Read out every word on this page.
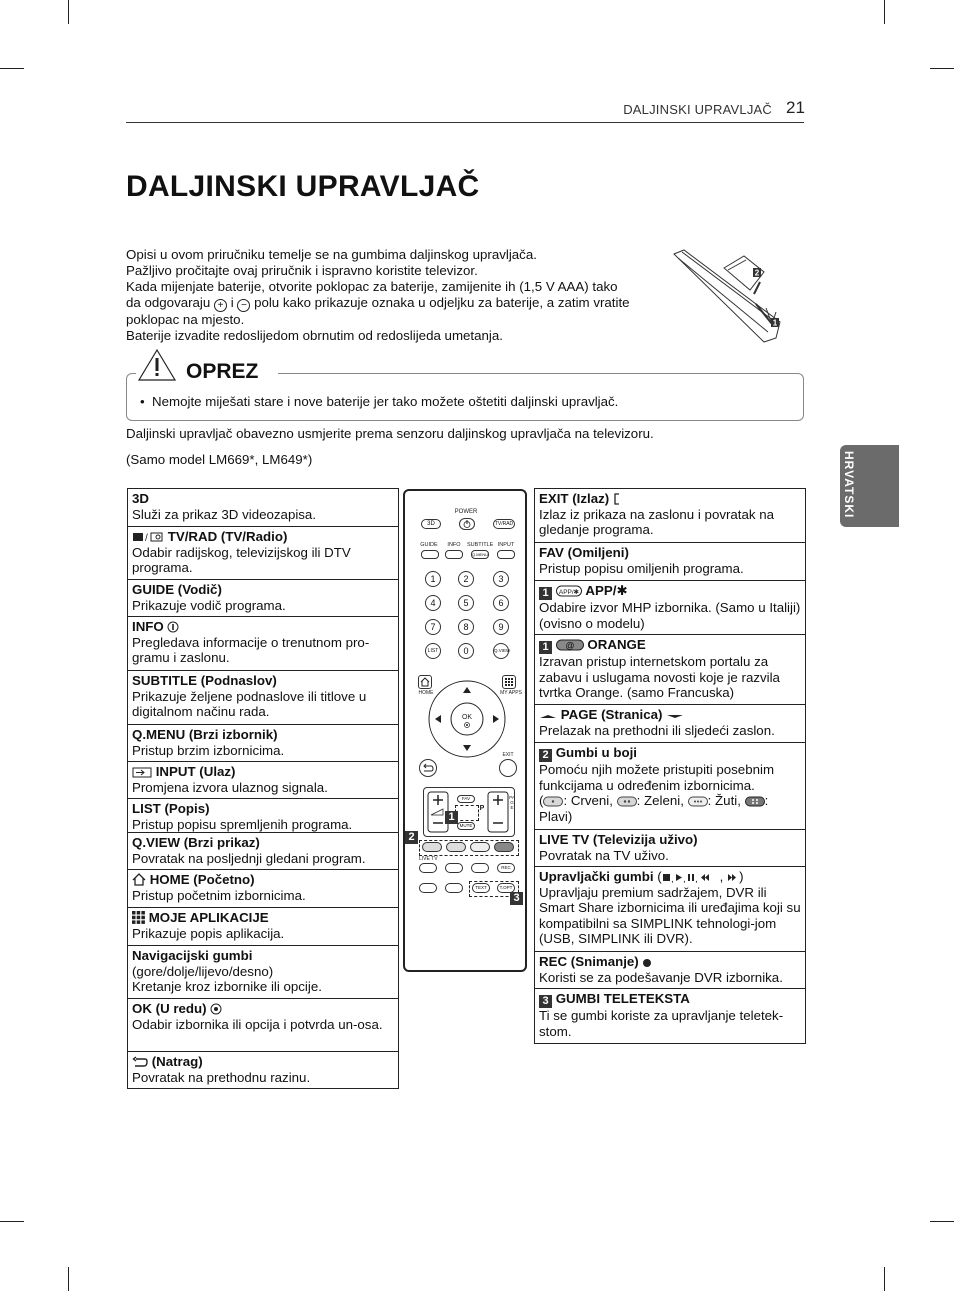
DALJINSKI UPRAVLJAČ 21
DALJINSKI UPRAVLJAČ
Opisi u ovom priručniku temelje se na gumbima daljinskog upravljača.
Pažljivo pročitajte ovaj priručnik i ispravno koristite televizor.
Kada mijenjate baterije, otvorite poklopac za baterije, zamijenite ih (1,5 V AAA) tako
da odgovaraju + i − polu kako prikazuje oznaka u odjeljku za baterije, a zatim vratite
poklopac na mjesto.
Baterije izvadite redoslijedom obrnutim od redoslijeda umetanja.
2
1
OPREZ
•  Nemojte miješati stare i nove baterije jer tako možete oštetiti daljinski upravljač.
Daljinski upravljač obavezno usmjerite prema senzoru daljinskog upravljača na televizoru.
(Samo model LM669*, LM649*)	HRVATSKI
3D
Služi za prikaz 3D videozapisa.
/ TV/RAD (TV/Radio)
Odabir radijskog, televizijskog ili DTV programa.
GUIDE (Vodič)
Prikazuje vodič programa.
INFO
Pregledava informacije o trenutnom pro-gramu i zaslonu.
SUBTITLE (Podnaslov)
Prikazuje željene podnaslove ili titlove u digitalnom načinu rada.
Q.MENU (Brzi izbornik)
Pristup brzim izbornicima.
INPUT (Ulaz)
Promjena izvora ulaznog signala.
LIST (Popis)
Pristup popisu spremljenih programa.
Q.VIEW (Brzi prikaz)
Povratak na posljednji gledani program.
HOME (Početno)
Pristup početnim izbornicima.
MOJE APLIKACIJE
Prikazuje popis aplikacija.
Navigacijski gumbi (gore/dolje/lijevo/desno)
Kretanje kroz izbornike ili opcije.
OK (U redu)
Odabir izbornika ili opcija i potvrda un-osa.
(Natrag)
Povratak na prethodnu razinu.
EXIT (Izlaz)
Izlaz iz prikaza na zaslonu i povratak na gledanje programa.
FAV (Omiljeni)
Pristup popisu omiljenih programa.
1 APP/✱ APP/✱
Odabire izvor MHP izbornika. (Samo u Italiji) (ovisno o modelu)
1 @ ORANGE
Izravan pristup internetskom portalu za zabavu i uslugama novosti koje je razvila tvrtka Orange. (samo Francuska)
PAGE (Stranica)
Prelazak na prethodni ili sljedeći zaslon.
2 Gumbi u boji
Pomoću njih možete pristupiti posebnim funkcijama u određenim izbornicima.
( : Crveni, : Zeleni, : Žuti, : Plavi)
LIVE TV (Televizija uživo)
Povratak na TV uživo.
Upravljački gumbi ( , , , , )
Upravljaju premium sadržajem, DVR ili Smart Share izbornicima ili uređajima koji su kompatibilni sa SIMPLINK tehnologi-jom (USB, SIMPLINK ili DVR).
REC (Snimanje)
Koristi se za podešavanje DVR izbornika.
3 GUMBI TELETEKSTA
Ti se gumbi koriste za upravljanje teletek-stom.
POWER
3D	TV/RAD
GUIDE	INFO	SUBTITLE INPUT
Q.MENU
1	2	3
4	5	6
7	8	9
LIST	0	Q.VIEW
HOME	MY APPS
OK
EXIT
FAV
P
MUTE
PAGE
LIVE TV
REC
TEXT	T.OPT
1
2
3
